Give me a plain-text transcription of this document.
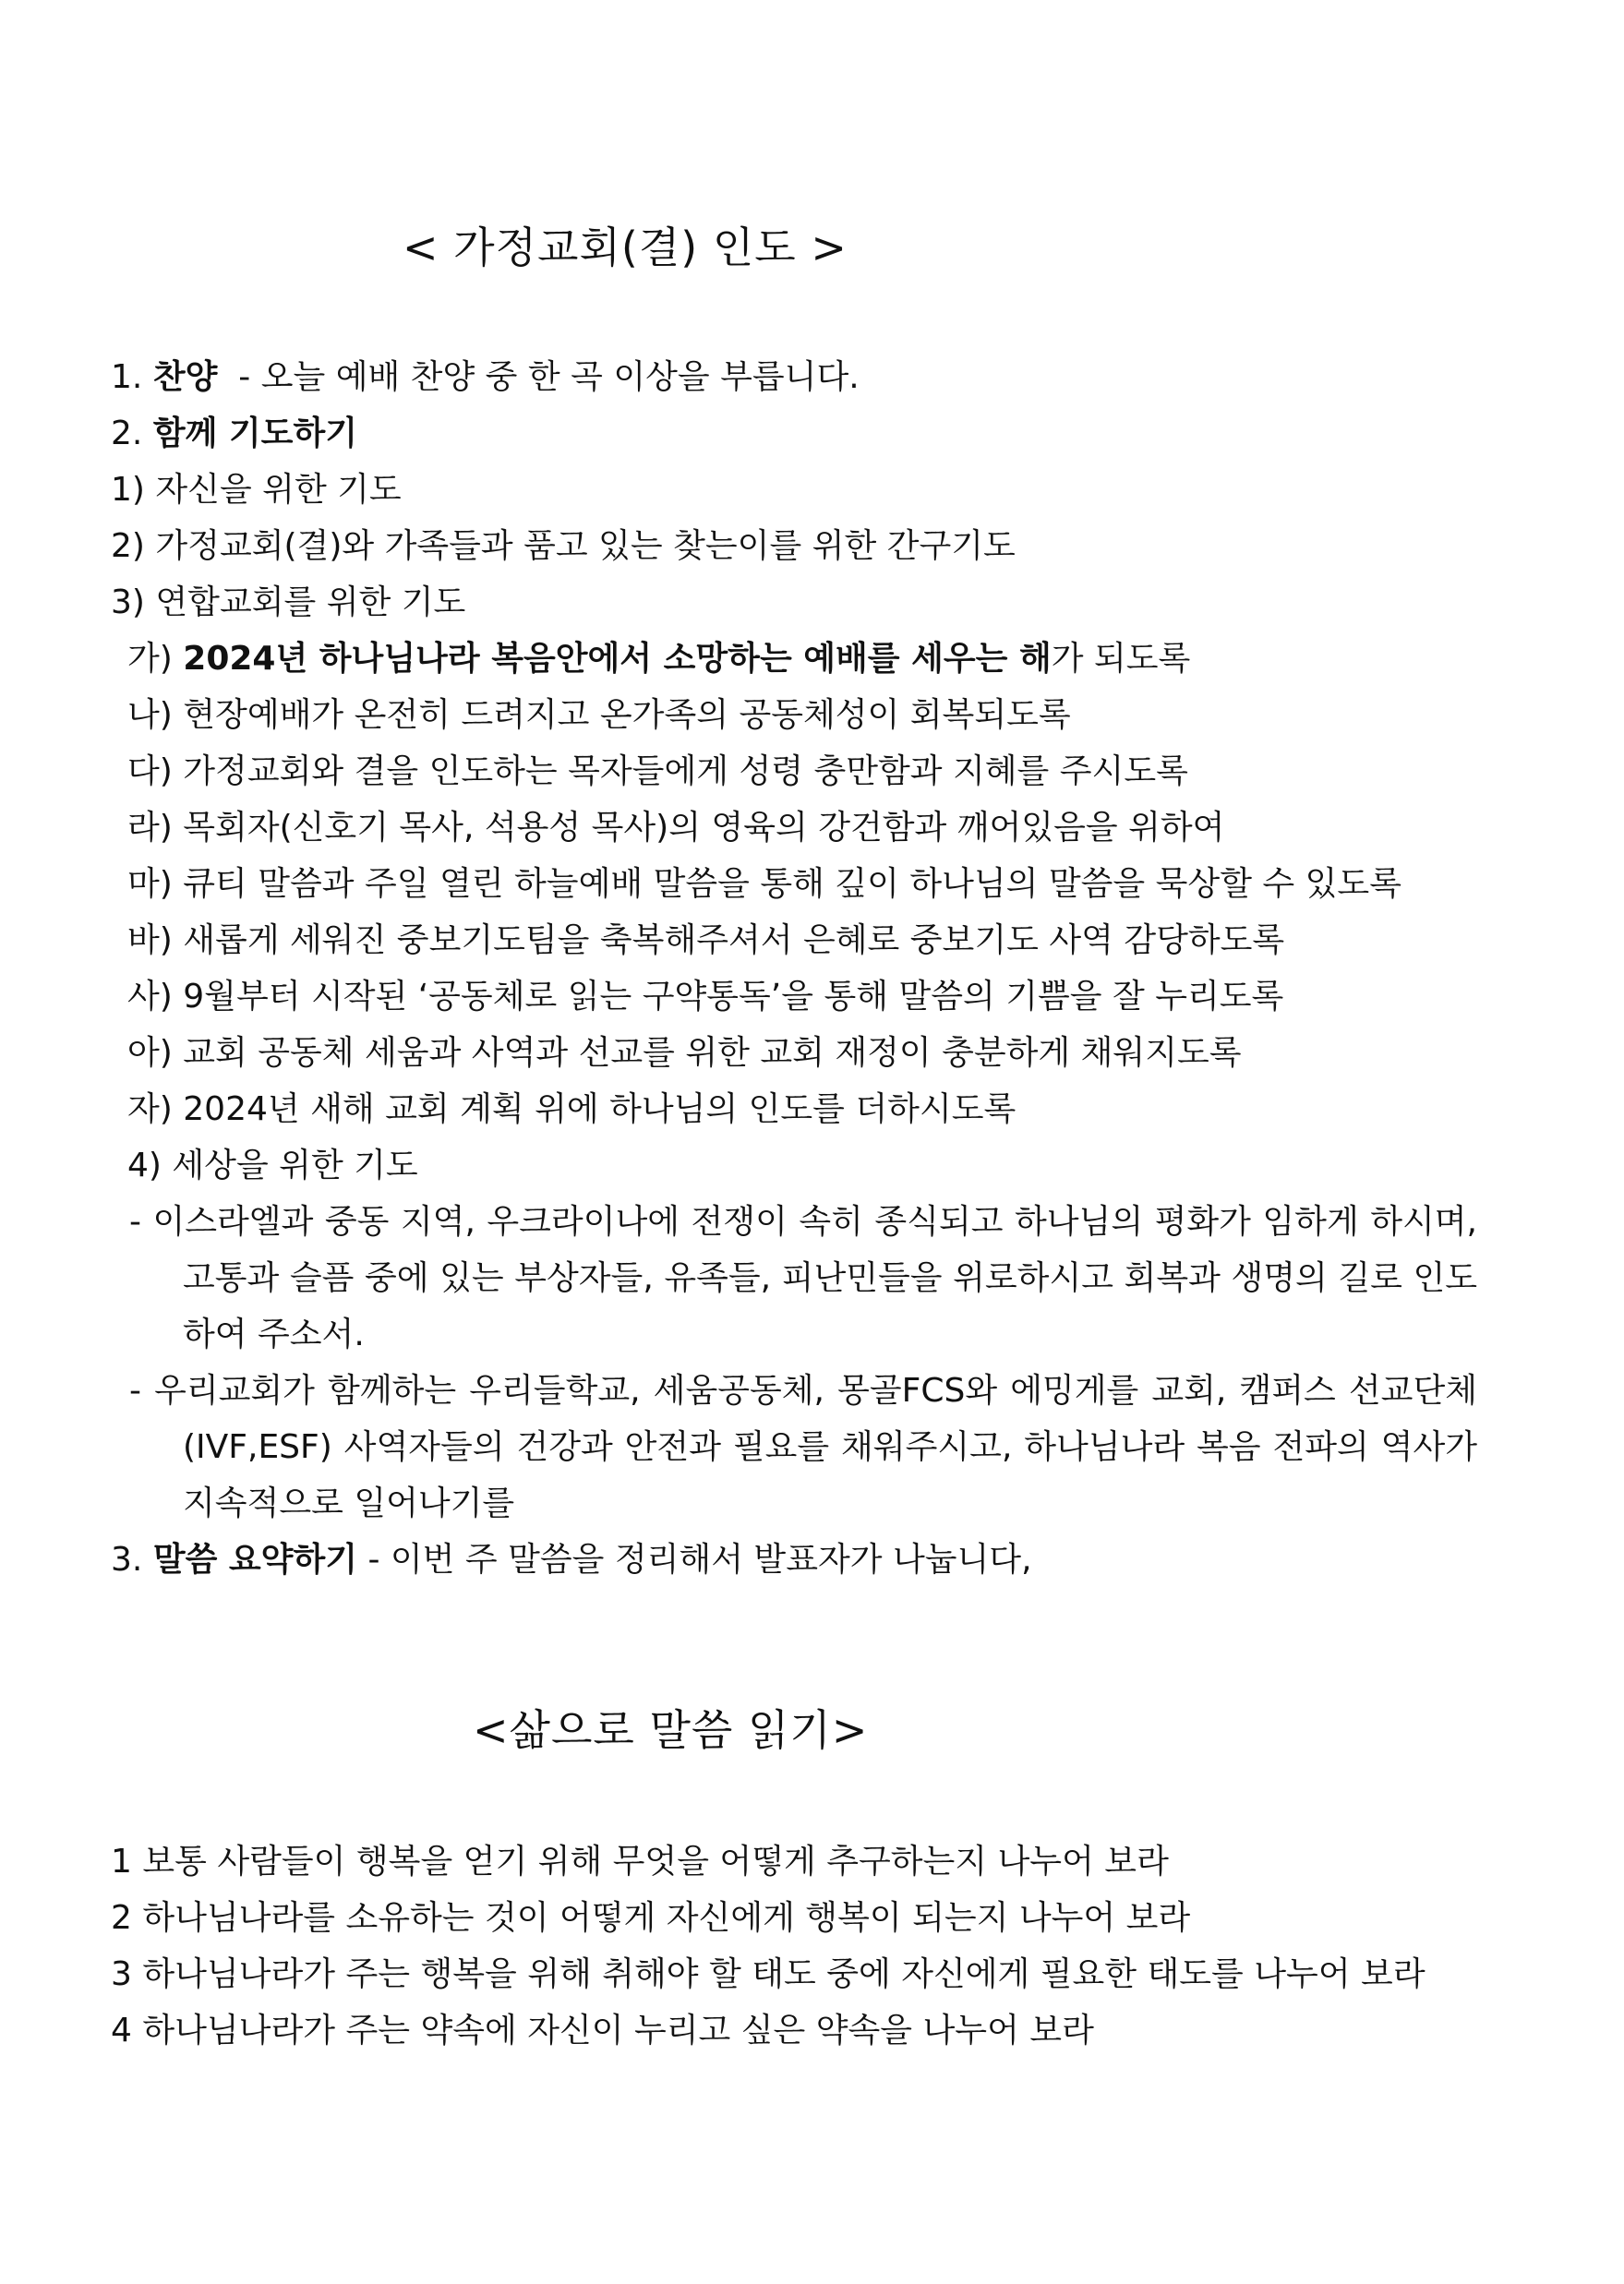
< 가정교회(결) 인도 >
1. 찬양  - 오늘 예배 찬양 중 한 곡 이상을 부릅니다.
2. 함께 기도하기
1) 자신을 위한 기도
2) 가정교회(결)와 가족들과 품고 있는 찾는이를 위한 간구기도
3) 연합교회를 위한 기도
가) 2024년 하나님나라 복음안에서 소망하는 예배를 세우는 해가 되도록
나) 현장예배가 온전히 드려지고 온가족의 공동체성이 회복되도록
다) 가정교회와 결을 인도하는 목자들에게 성령 충만함과 지혜를 주시도록
라) 목회자(신호기 목사, 석용성 목사)의 영육의 강건함과 깨어있음을 위하여
마) 큐티 말씀과 주일 열린 하늘예배 말씀을 통해 깊이 하나님의 말씀을 묵상할 수 있도록
바) 새롭게 세워진 중보기도팀을 축복해주셔서 은혜로 중보기도 사역 감당하도록
사) 9월부터 시작된 ‘공동체로 읽는 구약통독’을 통해 말씀의 기쁨을 잘 누리도록
아) 교회 공동체 세움과 사역과 선교를 위한 교회 재정이 충분하게 채워지도록
자) 2024년 새해 교회 계획 위에 하나님의 인도를 더하시도록
4) 세상을 위한 기도
- 이스라엘과 중동 지역, 우크라이나에 전쟁이 속히 종식되고 하나님의 평화가 임하게 하시며, 고통과 슬픔 중에 있는 부상자들, 유족들, 피난민들을 위로하시고 회복과 생명의 길로 인도하여 주소서.
- 우리교회가 함께하는 우리들학교, 세움공동체, 몽골FCS와 에밍게를 교회, 캠퍼스 선교단체(IVF,ESF) 사역자들의 건강과 안전과 필요를 채워주시고, 하나님나라 복음 전파의 역사가 지속적으로 일어나기를
3. 말씀 요약하기 - 이번 주 말씀을 정리해서 발표자가 나눕니다,
<삶으로 말씀 읽기>
1 보통 사람들이 행복을 얻기 위해 무엇을 어떻게 추구하는지 나누어 보라
2 하나님나라를 소유하는 것이 어떻게 자신에게 행복이 되는지 나누어 보라
3 하나님나라가 주는 행복을 위해 취해야 할 태도 중에 자신에게 필요한 태도를 나누어 보라
4 하나님나라가 주는 약속에 자신이 누리고 싶은 약속을 나누어 보라
